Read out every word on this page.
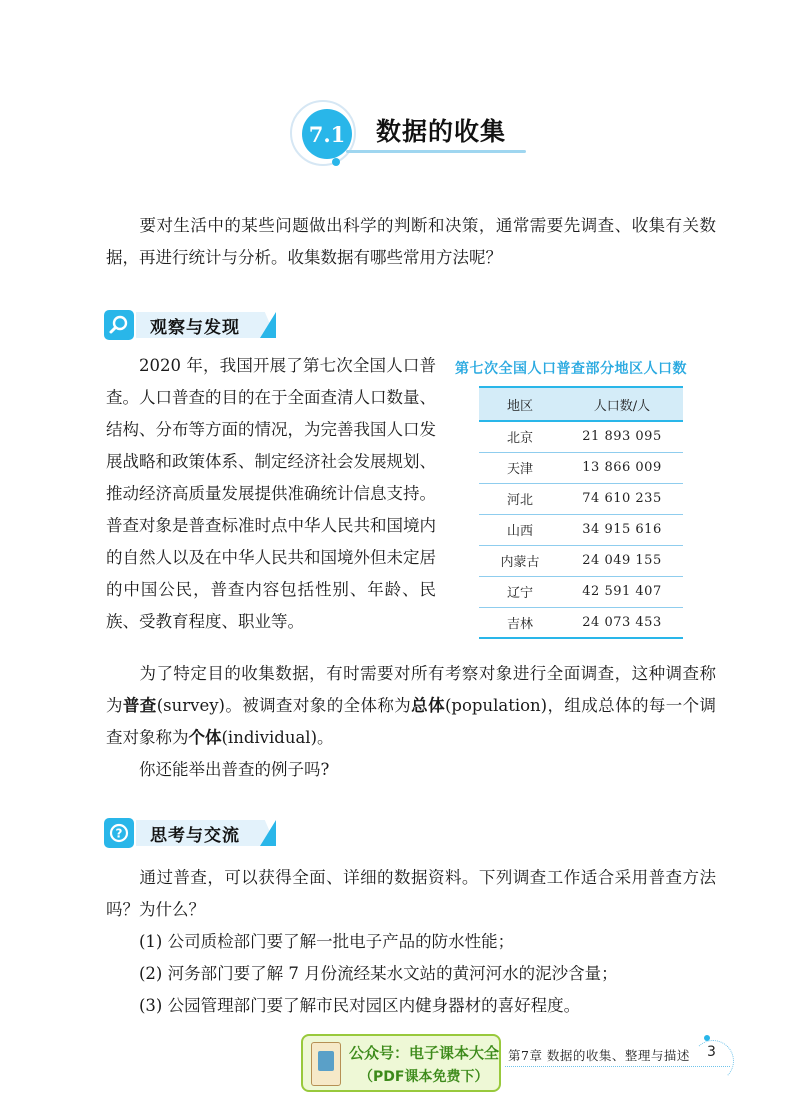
7.1 数据的收集
要对生活中的某些问题做出科学的判断和决策，通常需要先调查、收集有关数据，再进行统计与分析。收集数据有哪些常用方法呢？
观察与发现
2020 年，我国开展了第七次全国人口普查。人口普查的目的在于全面查清人口数量、结构、分布等方面的情况，为完善我国人口发展战略和政策体系、制定经济社会发展规划、推动经济高质量发展提供准确统计信息支持。普查对象是普查标准时点中华人民共和国境内的自然人以及在中华人民共和国境外但未定居的中国公民，普查内容包括性别、年龄、民族、受教育程度、职业等。
第七次全国人口普查部分地区人口数
地区	人口数/人
北京	21 893 095
天津	13 866 009
河北	74 610 235
山西	34 915 616
内蒙古	24 049 155
辽宁	42 591 407
吉林	24 073 453
为了特定目的收集数据，有时需要对所有考察对象进行全面调查，这种调查称为普查(survey)。被调查对象的全体称为总体(population)，组成总体的每一个调查对象称为个体(individual)。
你还能举出普查的例子吗?
? 思考与交流
通过普查，可以获得全面、详细的数据资料。下列调查工作适合采用普查方法吗？为什么？
(1) 公司质检部门要了解一批电子产品的防水性能；
(2) 河务部门要了解 7 月份流经某水文站的黄河河水的泥沙含量；
(3) 公园管理部门要了解市民对园区内健身器材的喜好程度。
第7章 数据的收集、整理与描述 3
公众号：电子课本大全
（PDF课本免费下）
